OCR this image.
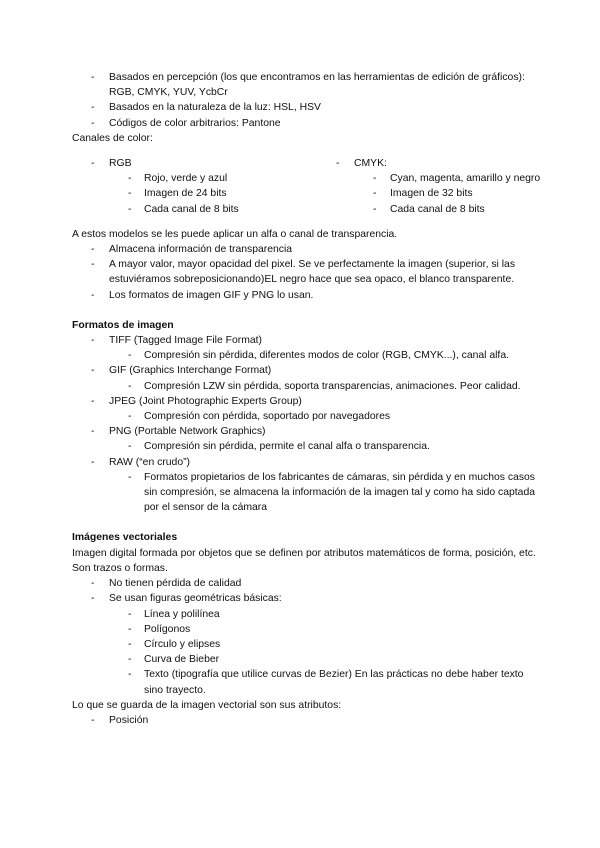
- Basados en percepción (los que encontramos en las herramientas de edición de gráficos): RGB, CMYK, YUV, YcbCr
- Basados en la naturaleza de la luz: HSL, HSV
- Códigos de color arbitrarios: Pantone

Canales de color:

- RGB
- Rojo, verde y azul
- Imagen de 24 bits
- Cada canal de 8 bits
- CMYK:
- Cyan, magenta, amarillo y negro
- Imagen de 32 bits
- Cada canal de 8 bits

A estos modelos se les puede aplicar un alfa o canal de transparencia.

- Almacena información de transparencia
- A mayor valor, mayor opacidad del pixel. Se ve perfectamente la imagen (superior, si las estuviéramos sobreposicionando)EL negro hace que sea opaco, el blanco transparente.
- Los formatos de imagen GIF y PNG lo usan.

Formatos de imagen

- TIFF (Tagged Image File Format)
- Compresión sin pérdida, diferentes modos de color (RGB, CMYK...), canal alfa.
- GIF (Graphics Interchange Format)
- Compresión LZW sin pérdida, soporta transparencias, animaciones. Peor calidad.
- JPEG (Joint Photographic Experts Group)
- Compresión con pérdida, soportado por navegadores
- PNG (Portable Network Graphics)
- Compresión sin pérdida, permite el canal alfa o transparencia.
- RAW (“en crudo”)
- Formatos propietarios de los fabricantes de cámaras, sin pérdida y en muchos casos sin compresión, se almacena la información de la imagen tal y como ha sido captada por el sensor de la cámara

Imágenes vectoriales

Imagen digital formada por objetos que se definen por atributos matemáticos de forma, posición, etc. Son trazos o formas.

- No tienen pérdida de calidad
- Se usan figuras geométricas básicas:
- Línea y polilínea
- Polígonos
- Círculo y elipses
- Curva de Bieber
- Texto (tipografía que utilice curvas de Bezier) En las prácticas no debe haber texto sino trayecto.

Lo que se guarda de la imagen vectorial son sus atributos:

- Posición
